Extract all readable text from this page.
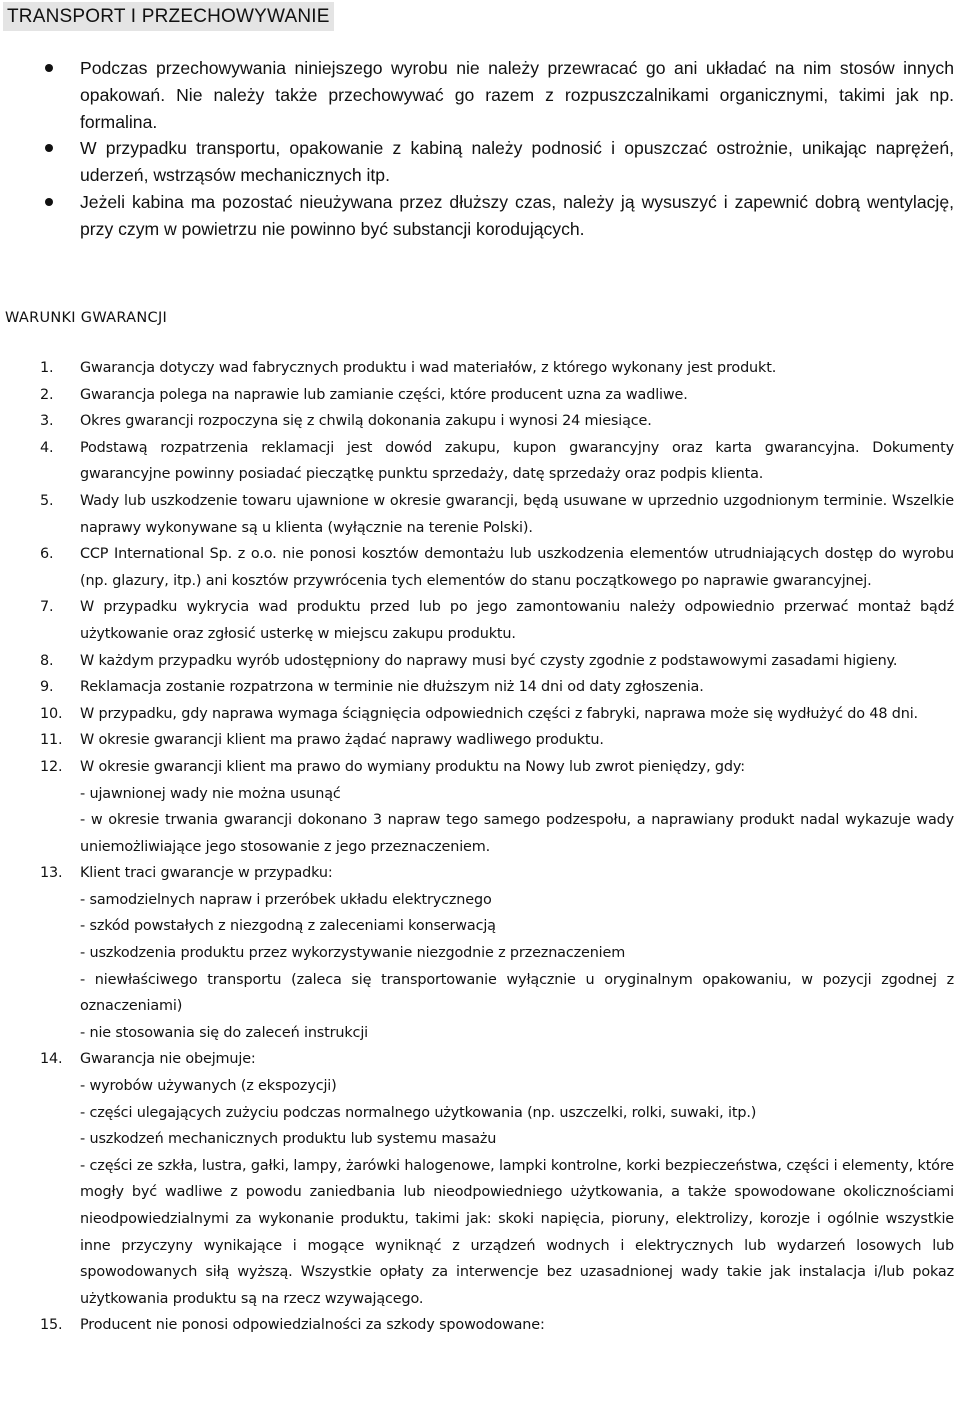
TRANSPORT I PRZECHOWYWANIE
Podczas przechowywania niniejszego wyrobu nie należy przewracać go ani układać na nim stosów innych opakowań. Nie należy także przechowywać go razem z rozpuszczalnikami organicznymi, takimi jak np. formalina.
W przypadku transportu, opakowanie z kabiną należy podnosić i opuszczać ostrożnie, unikając naprężeń, uderzeń, wstrząsów mechanicznych itp.
Jeżeli kabina ma pozostać nieużywana przez dłuższy czas, należy ją wysuszyć i zapewnić dobrą wentylację, przy czym w powietrzu nie powinno być substancji korodujących.
WARUNKI GWARANCJI
1. Gwarancja dotyczy wad fabrycznych produktu i wad materiałów, z którego wykonany jest produkt.
2. Gwarancja polega na naprawie lub zamianie części, które producent uzna za wadliwe.
3. Okres gwarancji rozpoczyna się z chwilą dokonania zakupu i wynosi 24 miesiące.
4. Podstawą rozpatrzenia reklamacji jest dowód zakupu, kupon gwarancyjny oraz karta gwarancyjna. Dokumenty gwarancyjne powinny posiadać pieczątkę punktu sprzedaży, datę sprzedaży oraz podpis klienta.
5. Wady lub uszkodzenie towaru ujawnione w okresie gwarancji, będą usuwane w uprzednio uzgodnionym terminie. Wszelkie naprawy wykonywane są u klienta (wyłącznie na terenie Polski).
6. CCP International Sp. z o.o. nie ponosi kosztów demontażu lub uszkodzenia elementów utrudniających dostęp do wyrobu (np. glazury, itp.) ani kosztów przywrócenia tych elementów do stanu początkowego po naprawie gwarancyjnej.
7. W przypadku wykrycia wad produktu przed lub po jego zamontowaniu należy odpowiednio przerwać montaż bądź użytkowanie oraz zgłosić usterkę w miejscu zakupu produktu.
8. W każdym przypadku wyrób udostępniony do naprawy musi być czysty zgodnie z podstawowymi zasadami higieny.
9. Reklamacja zostanie rozpatrzona w terminie nie dłuższym niż 14 dni od daty zgłoszenia.
10. W przypadku, gdy naprawa wymaga ściągnięcia odpowiednich części z fabryki, naprawa może się wydłużyć do 48 dni.
11. W okresie gwarancji klient ma prawo żądać naprawy wadliwego produktu.
12. W okresie gwarancji klient ma prawo do wymiany produktu na Nowy lub zwrot pieniędzy, gdy:
- ujawnionej wady nie można usunąć
- w okresie trwania gwarancji dokonano 3 napraw tego samego podzespołu, a naprawiany produkt nadal wykazuje wady uniemożliwiające jego stosowanie z jego przeznaczeniem.
13. Klient traci gwarancje w przypadku:
- samodzielnych napraw i przeróbek układu elektrycznego
- szkód powstałych z niezgodną z zaleceniami konserwacją
- uszkodzenia produktu przez wykorzystywanie niezgodnie z przeznaczeniem
- niewłaściwego transportu (zaleca się transportowanie wyłącznie u oryginalnym opakowaniu, w pozycji zgodnej z oznaczeniami)
- nie stosowania się do zaleceń instrukcji
14. Gwarancja nie obejmuje:
- wyrobów używanych (z ekspozycji)
- części ulegających zużyciu podczas normalnego użytkowania (np. uszczelki, rolki, suwaki, itp.)
- uszkodzeń mechanicznych produktu lub systemu masażu
- części ze szkła, lustra, gałki, lampy, żarówki halogenowe, lampki kontrolne, korki bezpieczeństwa, części i elementy, które mogły być wadliwe z powodu zaniedbania lub nieodpowiedniego użytkowania, a także spowodowane okolicznościami nieodpowiedzialnymi za wykonanie produktu, takimi jak: skoki napięcia, pioruny, elektrolizy, korozje i ogólnie wszystkie inne przyczyny wynikające i mogące wyniknąć z urządzeń wodnych i elektrycznych lub wydarzeń losowych lub spowodowanych siłą wyższą. Wszystkie opłaty za interwencje bez uzasadnionej wady takie jak instalacja i/lub pokaz użytkowania produktu są na rzecz wzywającego.
15. Producent nie ponosi odpowiedzialności za szkody spowodowane:
